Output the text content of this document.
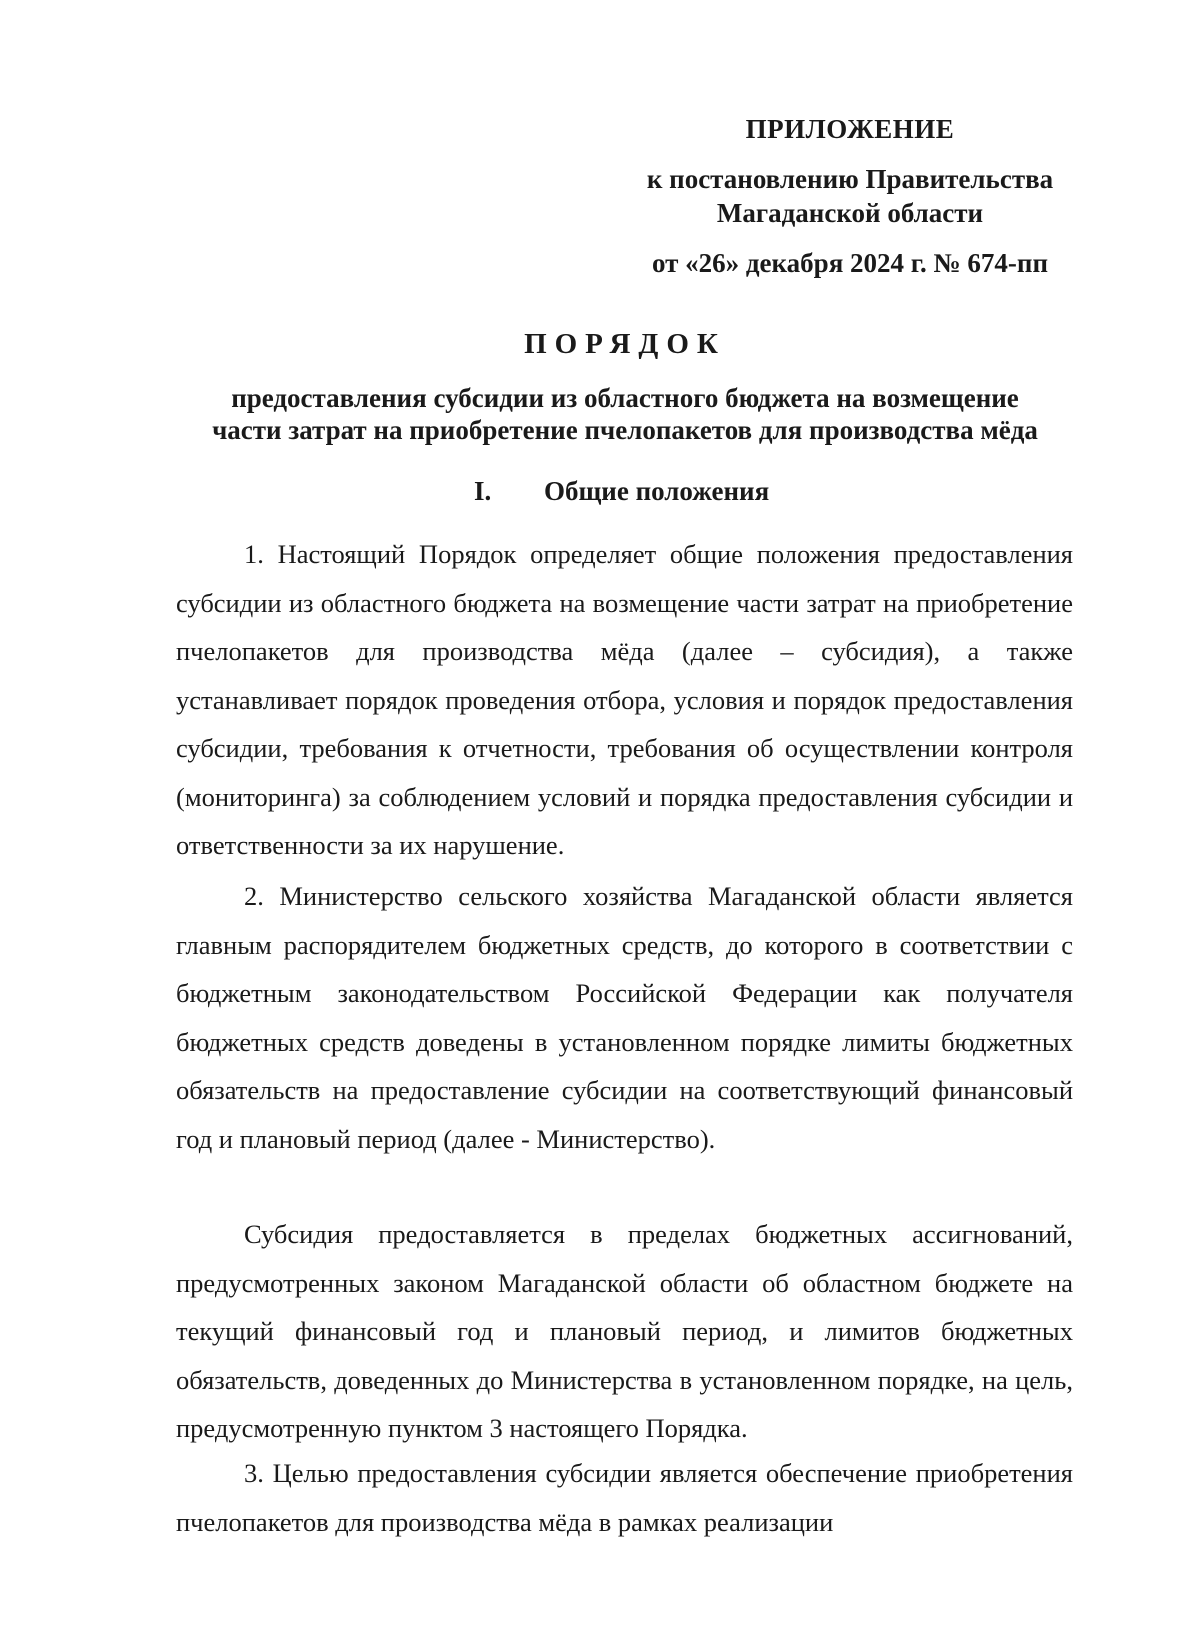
ПРИЛОЖЕНИЕ
к постановлению Правительства
Магаданской области
от «26» декабря 2024 г. № 674-пп
ПОРЯДОК
предоставления субсидии из областного бюджета на возмещение
части затрат на приобретение пчелопакетов для производства мёда
I. Общие положения

1. Настоящий Порядок определяет общие положения предоставления субсидии из областного бюджета на возмещение части затрат на приобретение пчелопакетов для производства мёда (далее – субсидия), а также устанавливает порядок проведения отбора, условия и порядок предоставления субсидии, требования к отчетности, требования об осуществлении контроля (мониторинга) за соблюдением условий и порядка предоставления субсидии и ответственности за их нарушение.

2. Министерство сельского хозяйства Магаданской области является главным распорядителем бюджетных средств, до которого в соответствии с бюджетным законодательством Российской Федерации как получателя бюджетных средств доведены в установленном порядке лимиты бюджетных обязательств на предоставление субсидии на соответствующий финансовый год и плановый период (далее - Министерство).

Субсидия предоставляется в пределах бюджетных ассигнований, предусмотренных законом Магаданской области об областном бюджете на текущий финансовый год и плановый период, и лимитов бюджетных обязательств, доведенных до Министерства в установленном порядке, на цель, предусмотренную пунктом 3 настоящего Порядка.

3. Целью предоставления субсидии является обеспечение приобретения пчелопакетов для производства мёда в рамках реализации
